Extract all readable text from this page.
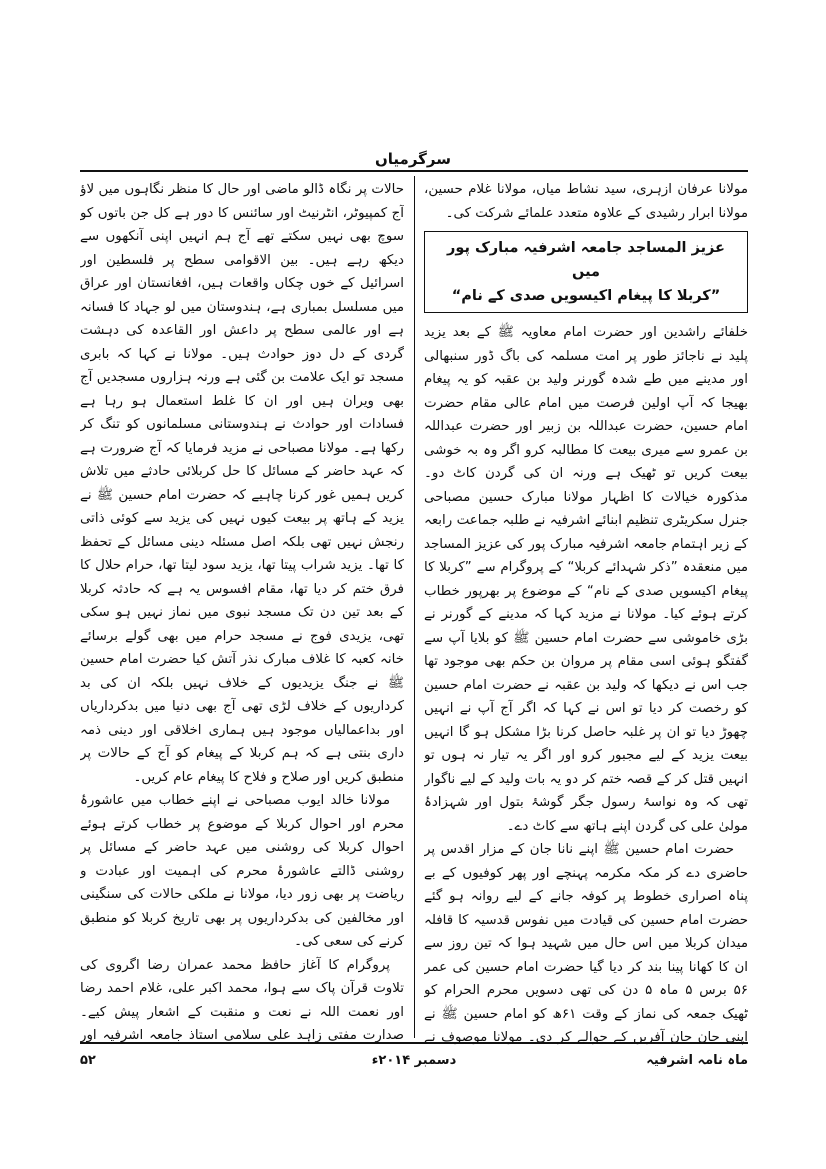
سرگرمیاں

مولانا عرفان ازہری، سید نشاط میاں، مولانا غلام حسین، مولانا ابرار رشیدی کے علاوہ متعدد علمائے شرکت کی۔

عزیز المساجد جامعہ اشرفیہ مبارک پور میں
”کربلا کا پیغام اکیسویں صدی کے نام“

خلفائے راشدین اور حضرت امام معاویہ ﷺ کے بعد یزید پلید نے ناجائز طور پر امت مسلمہ کی باگ ڈور سنبھالی اور مدینے میں طے شدہ گورنر ولید بن عقبہ کو یہ پیغام بھیجا کہ آپ اولین فرصت میں امام عالی مقام حضرت امام حسین، حضرت عبداللہ بن زبیر اور حضرت عبداللہ بن عمرو سے میری بیعت کا مطالبہ کرو اگر وہ بہ خوشی بیعت کریں تو ٹھیک ہے ورنہ ان کی گردن کاٹ دو۔ مذکورہ خیالات کا اظہار مولانا مبارک حسین مصباحی جنرل سکریٹری تنظیم ابنائے اشرفیہ نے طلبہ جماعت رابعہ کے زیر اہتمام جامعہ اشرفیہ مبارک پور کی عزیز المساجد میں منعقدہ ”ذکر شہدائے کربلا“ کے پروگرام سے ”کربلا کا پیغام اکیسویں صدی کے نام“ کے موضوع پر بھرپور خطاب کرتے ہوئے کیا۔ مولانا نے مزید کہا کہ مدینے کے گورنر نے بڑی خاموشی سے حضرت امام حسین ﷺ کو بلایا آپ سے گفتگو ہوئی اسی مقام پر مروان بن حکم بھی موجود تھا جب اس نے دیکھا کہ ولید بن عقبہ نے حضرت امام حسین کو رخصت کر دیا تو اس نے کہا کہ اگر آج آپ نے انہیں چھوڑ دیا تو ان پر غلبہ حاصل کرنا بڑا مشکل ہو گا انہیں بیعت یزید کے لیے مجبور کرو اور اگر یہ تیار نہ ہوں تو انہیں قتل کر کے قصہ ختم کر دو یہ بات ولید کے لیے ناگوار تھی کہ وہ نواسۂ رسول جگر گوشۂ بتول اور شہزادۂ مولیٰ علی کی گردن اپنے ہاتھ سے کاٹ دے۔

حضرت امام حسین ﷺ اپنے نانا جان کے مزار اقدس پر حاضری دے کر مکہ مکرمہ پہنچے اور پھر کوفیوں کے بے پناہ اصراری خطوط پر کوفہ جانے کے لیے روانہ ہو گئے حضرت امام حسین کی قیادت میں نفوس قدسیہ کا قافلہ میدان کربلا میں اس حال میں شہید ہوا کہ تین روز سے ان کا کھانا پینا بند کر دیا گیا حضرت امام حسین کی عمر ۵۶ برس ۵ ماہ ۵ دن کی تھی دسویں محرم الحرام کو ٹھیک جمعہ کی نماز کے وقت ۶۱ھ کو امام حسین ﷺ نے اپنی جان جان آفریں کے حوالے کر دی۔ مولانا موصوف نے

حالات پر نگاہ ڈالو ماضی اور حال کا منظر نگاہوں میں لاؤ آج کمپیوٹر، انٹرنیٹ اور سائنس کا دور ہے کل جن باتوں کو سوچ بھی نہیں سکتے تھے آج ہم انہیں اپنی آنکھوں سے دیکھ رہے ہیں۔ بین الاقوامی سطح پر فلسطین اور اسرائیل کے خوں چکاں واقعات ہیں، افغانستان اور عراق میں مسلسل بمباری ہے، ہندوستان میں لو جہاد کا فسانہ ہے اور عالمی سطح پر داعش اور القاعدہ کی دہشت گردی کے دل دوز حوادث ہیں۔ مولانا نے کہا کہ بابری مسجد تو ایک علامت بن گئی ہے ورنہ ہزاروں مسجدیں آج بھی ویران ہیں اور ان کا غلط استعمال ہو رہا ہے فسادات اور حوادث نے ہندوستانی مسلمانوں کو تنگ کر رکھا ہے۔ مولانا مصباحی نے مزید فرمایا کہ آج ضرورت ہے کہ عہد حاضر کے مسائل کا حل کربلائی حادثے میں تلاش کریں ہمیں غور کرنا چاہیے کہ حضرت امام حسین ﷺ نے یزید کے ہاتھ پر بیعت کیوں نہیں کی یزید سے کوئی ذاتی رنجش نہیں تھی بلکہ اصل مسئلہ دینی مسائل کے تحفظ کا تھا۔ یزید شراب پیتا تھا، یزید سود لیتا تھا، حرام حلال کا فرق ختم کر دیا تھا، مقام افسوس یہ ہے کہ حادثہ کربلا کے بعد تین دن تک مسجد نبوی میں نماز نہیں ہو سکی تھی، یزیدی فوج نے مسجد حرام میں بھی گولے برسائے خانہ کعبہ کا غلاف مبارک نذر آتش کیا حضرت امام حسین ﷺ نے جنگ یزیدیوں کے خلاف نہیں بلکہ ان کی بد کرداریوں کے خلاف لڑی تھی آج بھی دنیا میں بدکرداریاں اور بداعمالیاں موجود ہیں ہماری اخلاقی اور دینی ذمہ داری بنتی ہے کہ ہم کربلا کے پیغام کو آج کے حالات پر منطبق کریں اور صلاح و فلاح کا پیغام عام کریں۔

مولانا خالد ایوب مصباحی نے اپنے خطاب میں عاشورۂ محرم اور احوال کربلا کے موضوع پر خطاب کرتے ہوئے احوال کربلا کی روشنی میں عہد حاضر کے مسائل پر روشنی ڈالتے عاشورۂ محرم کی اہمیت اور عبادت و ریاضت پر بھی زور دیا، مولانا نے ملکی حالات کی سنگینی اور مخالفین کی بدکرداریوں پر بھی تاریخ کربلا کو منطبق کرنے کی سعی کی۔

پروگرام کا آغاز حافظ محمد عمران رضا اگروی کی تلاوت قرآن پاک سے ہوا، محمد اکبر علی، غلام احمد رضا اور نعمت اللہ نے نعت و منقبت کے اشعار پیش کیے۔ صدارت مفتی زاہد علی سلامی استاذ جامعہ اشرفیہ اور

ماہ نامہ اشرفیہ
دسمبر ۲۰۱۴ء
۵۲
